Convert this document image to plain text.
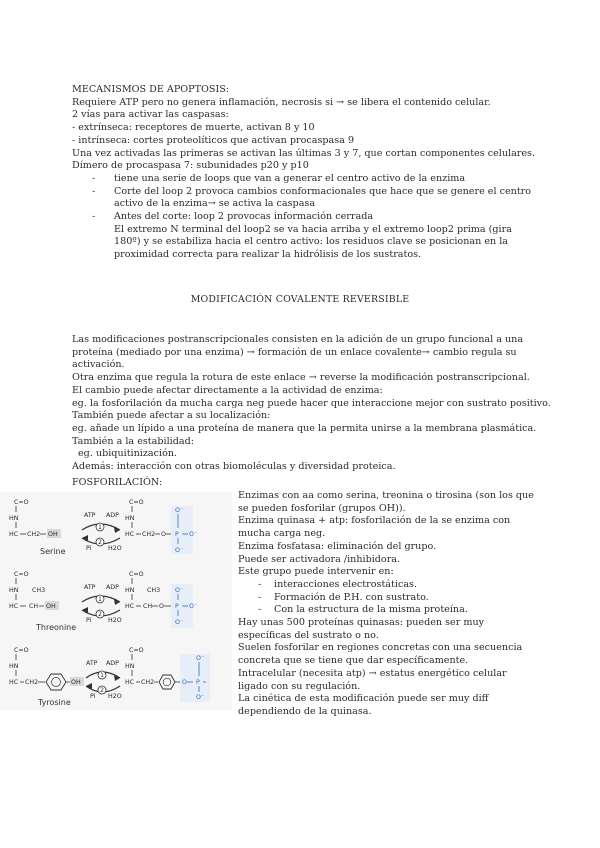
MECANISMOS DE APOPTOSIS:
Requiere ATP pero no genera inflamación, necrosis si → se libera el contenido celular.
2 vías para activar las caspasas:
- extrínseca: receptores de muerte, activan 8 y 10
- intrínseca: cortes proteolíticos que activan procaspasa 9
Una vez activadas las primeras se activan las últimas 3 y 7, que cortan componentes celulares.
Dímero de procaspasa 7: subunidades p20 y p10
- tiene una serie de loops que van a generar el centro activo de la enzima
- Corte del loop 2 provoca cambios conformacionales que hace que se genere el centro activo de la enzima→ se activa la caspasa
- Antes del corte: loop 2 provocas información cerrada
El extremo N terminal del loop2 se va hacia arriba y el extremo loop2 prima (gira 180º) y se estabiliza hacia el centro activo: los residuos clave se posicionan en la proximidad correcta para realizar la hidrólisis de los sustratos.
MODIFICACIÓN COVALENTE REVERSIBLE
Las modificaciones postranscripcionales consisten en la adición de un grupo funcional a una proteína (mediado por una enzima) → formación de un enlace covalente→ cambio regula su activación.
Otra enzima que regula la rotura de este enlace → reverse la modificación postranscripcional.
El cambio puede afectar directamente a la actividad de enzima:
eg. la fosforilación da mucha carga neg puede hacer que interaccione mejor con sustrato positivo.
También puede afectar a su localización:
eg. añade un lípido a una proteína de manera que la permita unirse a la membrana plasmática.
También a la estabilidad:
eg. ubiquitinización.
Además: interacción con otras biomoléculas y diversidad proteica.
FOSFORILACIÓN:
C=O
HN
HC CH2 OH
Serine
ATP ADP
1
2
Pi	H2O
C=O
HN
HC CH2 O
O⁻
P O⁻
O⁻
C=O
HN CH3
HC CH OH
Threonine
ATP ADP
1
2
Pi	H2O
C=O
HN CH3
HC CH O
O⁻
P O⁻
O⁻
C=O
HN
HC CH2	OH
Tyrosine
ATP ADP
1
2
Pi H2O
C=O
HN
HC CH2
O⁻
O P
O⁻
Enzimas con aa como serina, treonina o tirosina (son los que se pueden fosforilar (grupos OH)).
Enzima quinasa + atp: fosforilación de la se enzima con mucha carga neg.
Enzima fosfatasa: eliminación del grupo.
Puede ser activadora /inhibidora.
Este grupo puede intervenir en:
- interacciones electrostáticas.
- Formación de P.H. con sustrato.
- Con la estructura de la misma proteína.
Hay unas 500 proteínas quinasas: pueden ser muy específicas del sustrato o no.
Suelen fosforilar en regiones concretas con una secuencia concreta que se tiene que dar específicamente.
Intracelular (necesita atp) → estatus energético celular ligado con su regulación.
La cinética de esta modificación puede ser muy diff dependiendo de la quinasa.
